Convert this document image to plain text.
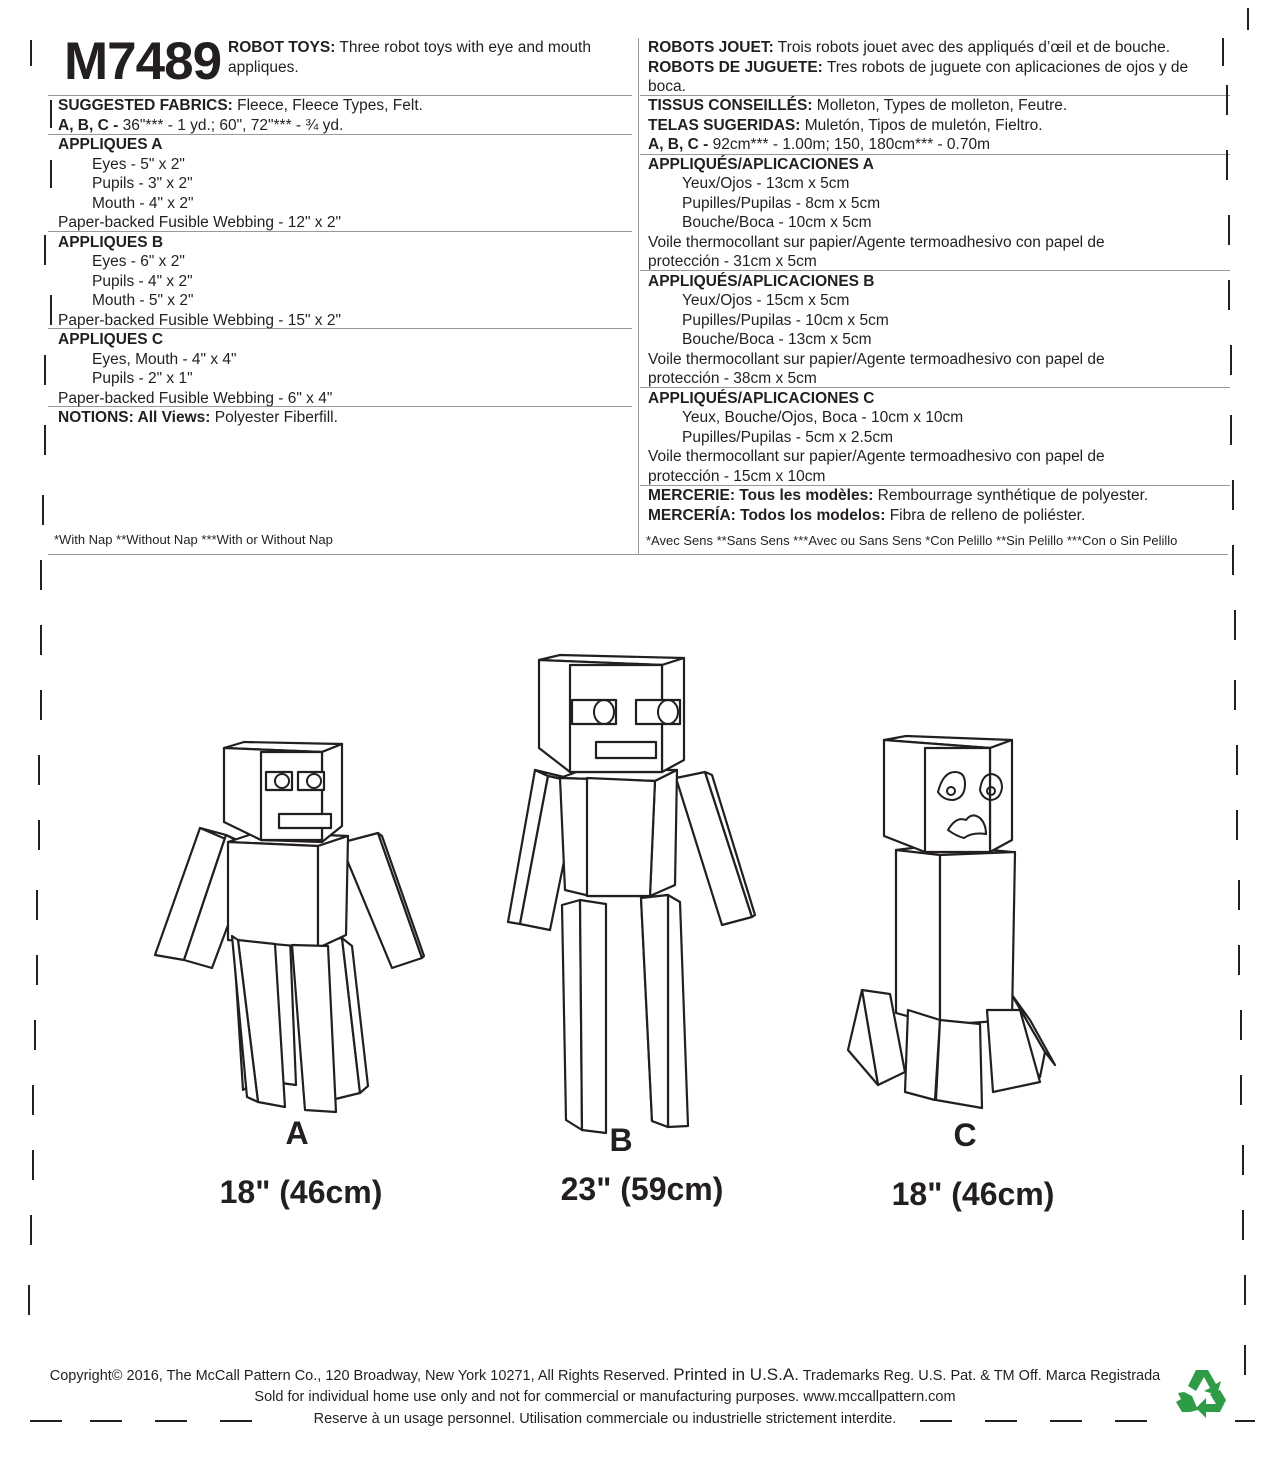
M7489 ROBOT TOYS: Three robot toys with eye and mouth appliques.
ROBOTS JOUET: Trois robots jouet avec des appliqués d’œil et de bouche.
ROBOTS DE JUGUETE: Tres robots de juguete con aplicaciones de ojos y de
boca.
SUGGESTED FABRICS: Fleece, Fleece Types, Felt.
A, B, C - 36"*** - 1 yd.; 60", 72"*** - ¾ yd.
APPLIQUES A
Eyes - 5" x 2"
Pupils - 3" x 2"
Mouth - 4" x 2"
Paper-backed Fusible Webbing - 12" x 2"
APPLIQUES B
Eyes - 6" x 2"
Pupils - 4" x 2"
Mouth - 5" x 2"
Paper-backed Fusible Webbing - 15" x 2"
APPLIQUES C
Eyes, Mouth - 4" x 4"
Pupils - 2" x 1"
Paper-backed Fusible Webbing - 6" x 4"
NOTIONS: All Views: Polyester Fiberfill.
*With Nap **Without Nap ***With or Without Nap
TISSUS CONSEILLÉS: Molleton, Types de molleton, Feutre.
TELAS SUGERIDAS: Muletón, Tipos de muletón, Fieltro.
A, B, C - 92cm*** - 1.00m; 150, 180cm*** - 0.70m
APPLIQUÉS/APLICACIONES A
Yeux/Ojos - 13cm x 5cm
Pupilles/Pupilas - 8cm x 5cm
Bouche/Boca - 10cm x 5cm
Voile thermocollant sur papier/Agente termoadhesivo con papel de
protección - 31cm x 5cm
APPLIQUÉS/APLICACIONES B
Yeux/Ojos - 15cm x 5cm
Pupilles/Pupilas - 10cm x 5cm
Bouche/Boca - 13cm x 5cm
Voile thermocollant sur papier/Agente termoadhesivo con papel de
protección - 38cm x 5cm
APPLIQUÉS/APLICACIONES C
Yeux, Bouche/Ojos, Boca - 10cm x 10cm
Pupilles/Pupilas - 5cm x 2.5cm
Voile thermocollant sur papier/Agente termoadhesivo con papel de
protección - 15cm x 10cm
MERCERIE: Tous les modèles: Rembourrage synthétique de polyester.
MERCERÍA: Todos los modelos: Fibra de relleno de poliéster.
*Avec Sens **Sans Sens ***Avec ou Sans Sens *Con Pelillo **Sin Pelillo ***Con o Sin Pelillo
A
18" (46cm)
B
23" (59cm)
C
18" (46cm)
Copyright© 2016, The McCall Pattern Co., 120 Broadway, New York 10271, All Rights Reserved. Printed in U.S.A. Trademarks Reg. U.S. Pat. & TM Off. Marca Registrada
Sold for individual home use only and not for commercial or manufacturing purposes. www.mccallpattern.com
Reserve à un usage personnel. Utilisation commerciale ou industrielle strictement interdite.
